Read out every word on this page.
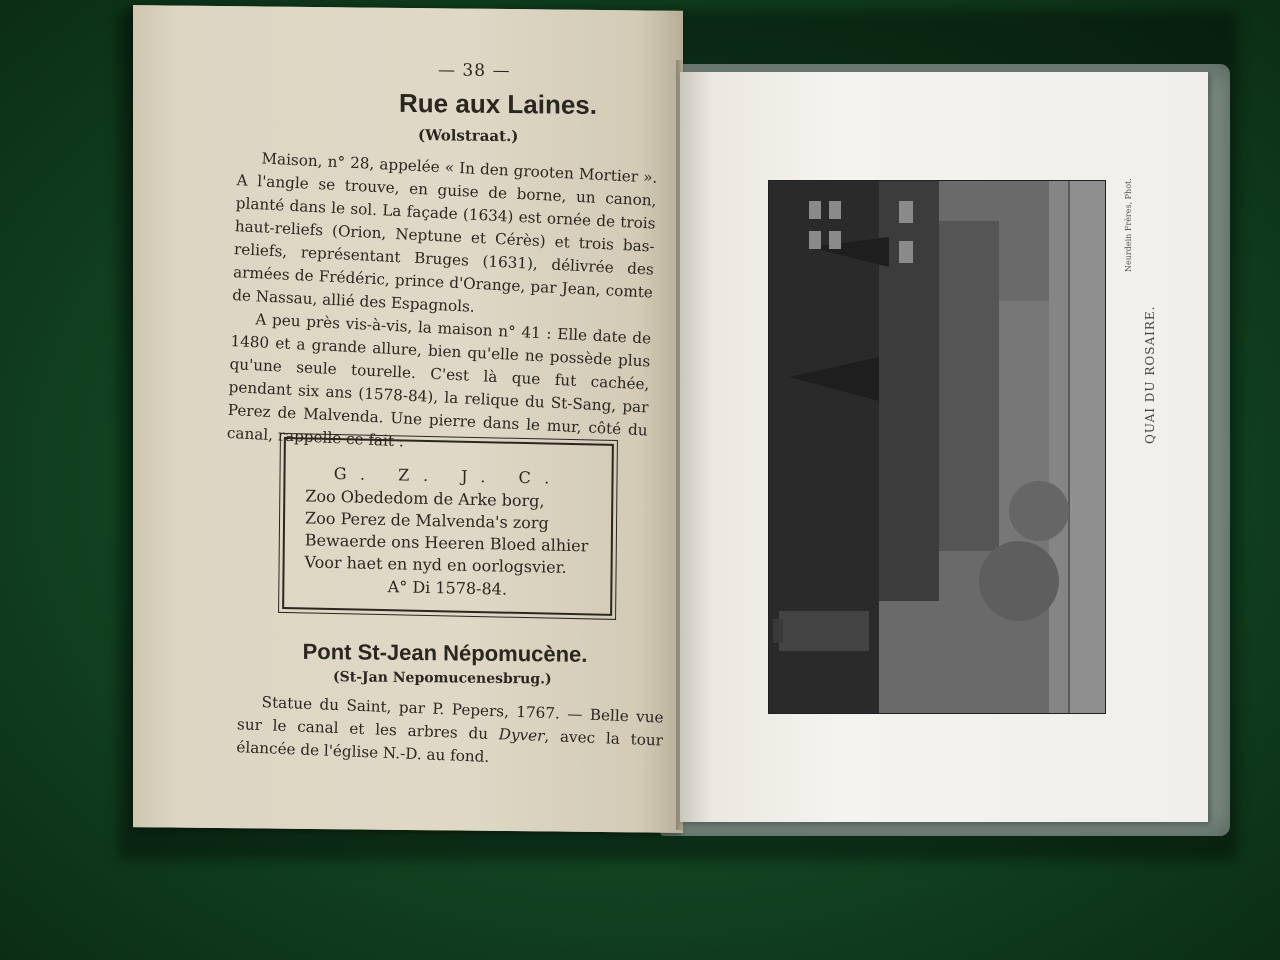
— 38 —
Rue aux Laines.
(Wolstraat.)

Maison, n° 28, appelée « In den grooten Mortier ». A l'angle se trouve, en guise de borne, un canon, planté dans le sol. La façade (1634) est ornée de trois haut-reliefs (Orion, Neptune et Cérès) et trois bas-reliefs, représentant Bruges (1631), délivrée des armées de Frédéric, prince d'Orange, par Jean, comte de Nassau, allié des Espagnols.

A peu près vis-à-vis, la maison n° 41 : Elle date de 1480 et a grande allure, bien qu'elle ne possède plus qu'une seule tourelle. C'est là que fut cachée, pendant six ans (1578-84), la relique du St-Sang, par Perez de Malvenda. Une pierre dans le mur, côté du canal, rappelle ce fait :

G. Z. J. C.
Zoo Obededom de Arke borg,
Zoo Perez de Malvenda's zorg
Bewaerde ons Heeren Bloed alhier
Voor haet en nyd en oorlogsvier.
A° Di 1578-84.
Pont St-Jean Népomucène.
(St-Jan Nepomucenesbrug.)

Statue du Saint, par P. Pepers, 1767. — Belle vue sur le canal et les arbres du Dyver, avec la tour élancée de l'église N.-D. au fond.

Neurdein Frères, Phot.
QUAI DU ROSAIRE.
